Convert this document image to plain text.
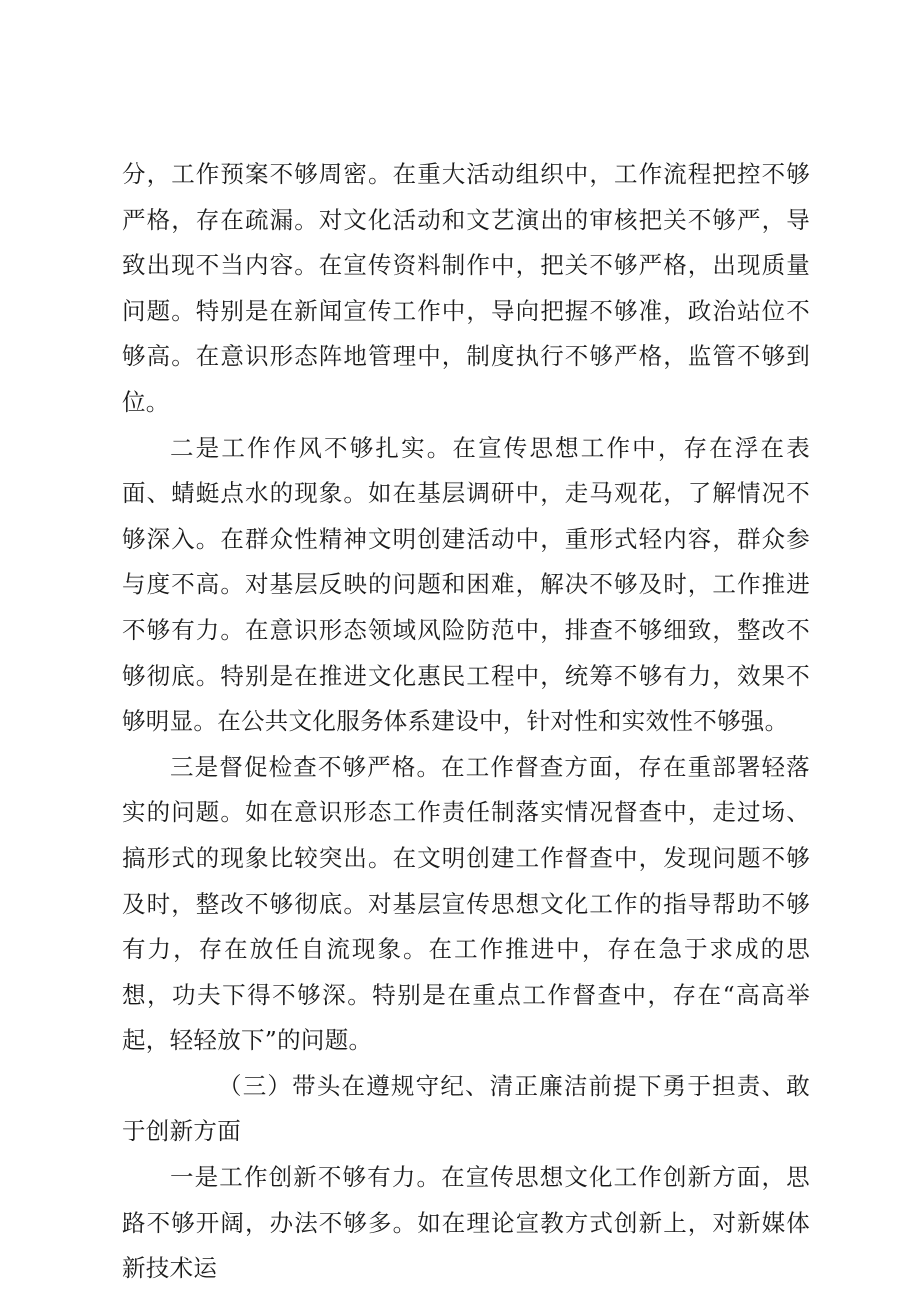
分，工作预案不够周密。在重大活动组织中，工作流程把控不够严格，存在疏漏。对文化活动和文艺演出的审核把关不够严，导致出现不当内容。在宣传资料制作中，把关不够严格，出现质量问题。特别是在新闻宣传工作中，导向把握不够准，政治站位不够高。在意识形态阵地管理中，制度执行不够严格，监管不够到位。

二是工作作风不够扎实。在宣传思想工作中，存在浮在表面、蜻蜓点水的现象。如在基层调研中，走马观花，了解情况不够深入。在群众性精神文明创建活动中，重形式轻内容，群众参与度不高。对基层反映的问题和困难，解决不够及时，工作推进不够有力。在意识形态领域风险防范中，排查不够细致，整改不够彻底。特别是在推进文化惠民工程中，统筹不够有力，效果不够明显。在公共文化服务体系建设中，针对性和实效性不够强。

三是督促检查不够严格。在工作督查方面，存在重部署轻落实的问题。如在意识形态工作责任制落实情况督查中，走过场、搞形式的现象比较突出。在文明创建工作督查中，发现问题不够及时，整改不够彻底。对基层宣传思想文化工作的指导帮助不够有力，存在放任自流现象。在工作推进中，存在急于求成的思想，功夫下得不够深。特别是在重点工作督查中，存在“高高举起，轻轻放下”的问题。

（三）带头在遵规守纪、清正廉洁前提下勇于担责、敢于创新方面

一是工作创新不够有力。在宣传思想文化工作创新方面，思路不够开阔，办法不够多。如在理论宣教方式创新上，对新媒体新技术运
